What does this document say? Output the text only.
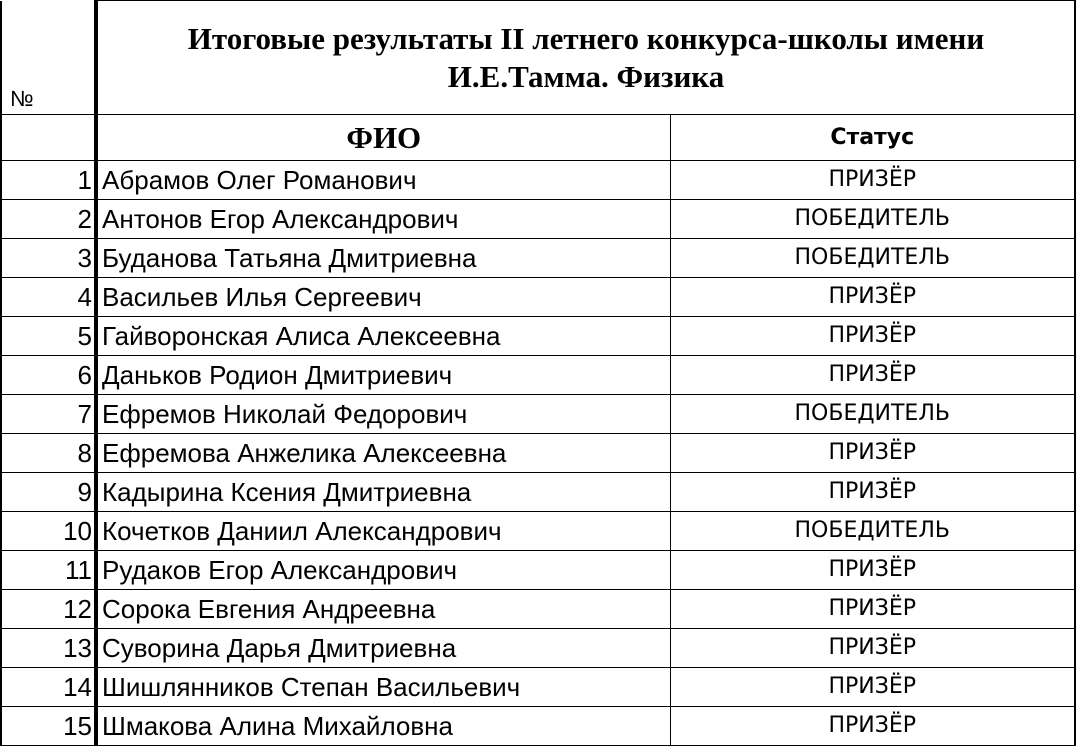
№	Итоговые результаты II летнего конкурса-школы имени
И.Е.Тамма. Физика	
	ФИО	Статус
1	Абрамов Олег Романович	ПРИЗЁР
2	Антонов Егор Александрович	ПОБЕДИТЕЛЬ
3	Буданова Татьяна Дмитриевна	ПОБЕДИТЕЛЬ
4	Васильев Илья Сергеевич	ПРИЗЁР
5	Гайворонская Алиса Алексеевна	ПРИЗЁР
6	Даньков Родион Дмитриевич	ПРИЗЁР
7	Ефремов Николай Федорович	ПОБЕДИТЕЛЬ
8	Ефремова Анжелика Алексеевна	ПРИЗЁР
9	Кадырина Ксения Дмитриевна	ПРИЗЁР
10	Кочетков Даниил Александрович	ПОБЕДИТЕЛЬ
11	Рудаков Егор Александрович	ПРИЗЁР
12	Сорока Евгения Андреевна	ПРИЗЁР
13	Суворина Дарья Дмитриевна	ПРИЗЁР
14	Шишлянников Степан Васильевич	ПРИЗЁР
15	Шмакова Алина Михайловна	ПРИЗЁР
